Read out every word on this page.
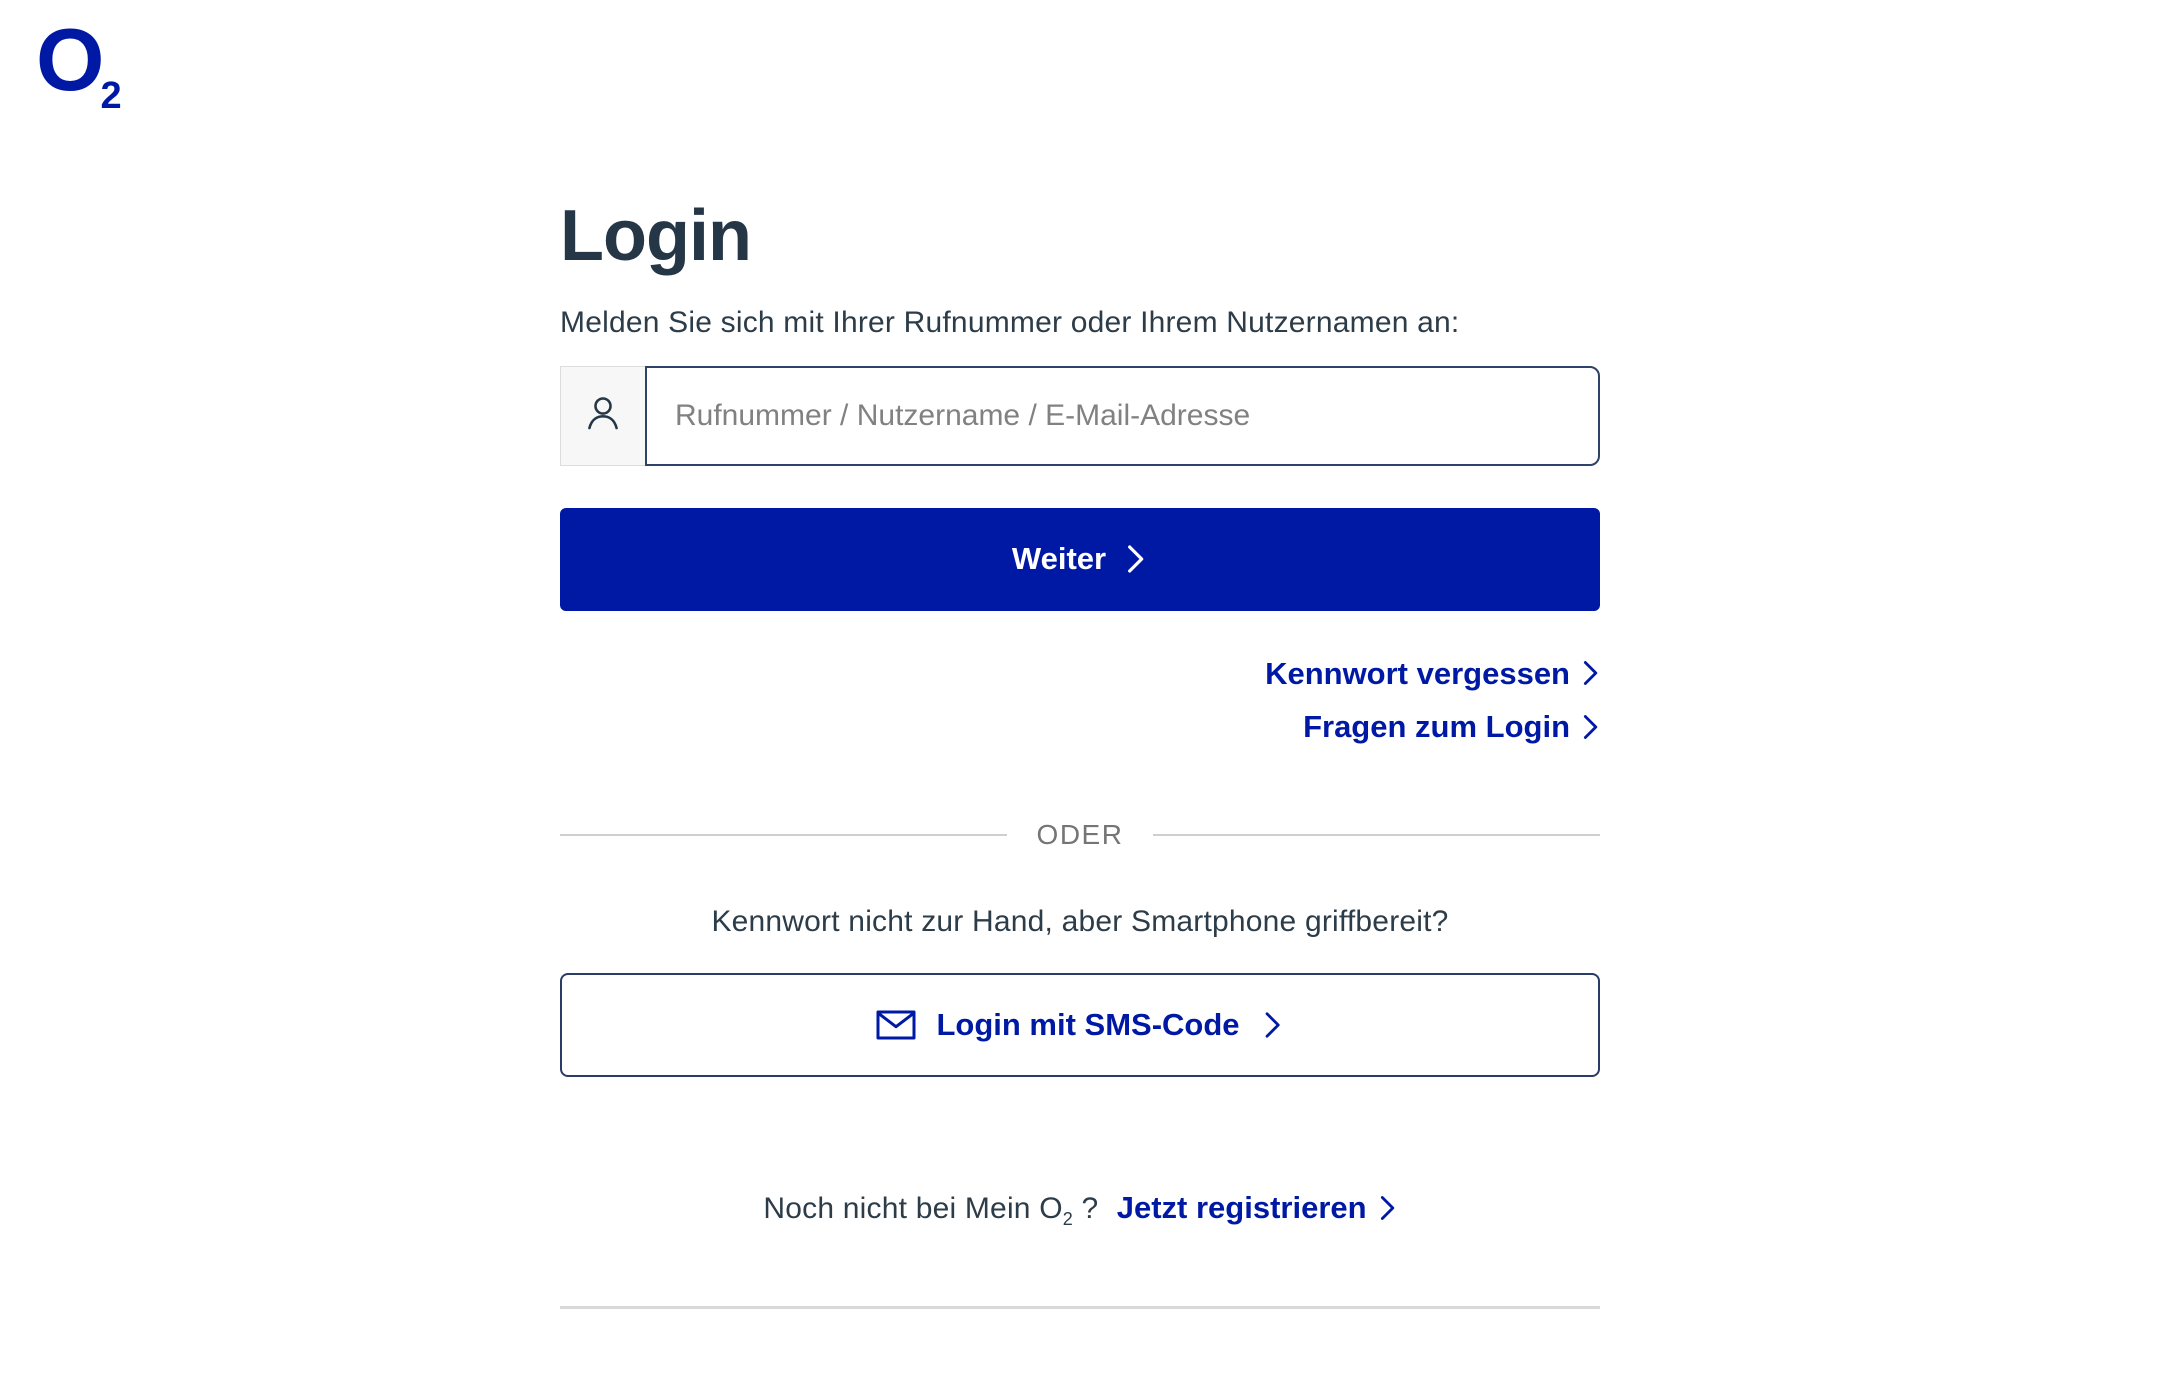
O2
Login

Melden Sie sich mit Ihrer Rufnummer oder Ihrem Nutzernamen an:

Rufnummer / Nutzername / E-Mail-Adresse
Weiter
Kennwort vergessen
Fragen zum Login
ODER

Kennwort nicht zur Hand, aber Smartphone griffbereit?

Login mit SMS-Code

Noch nicht bei Mein $O_2$ ? Jetzt registrieren
